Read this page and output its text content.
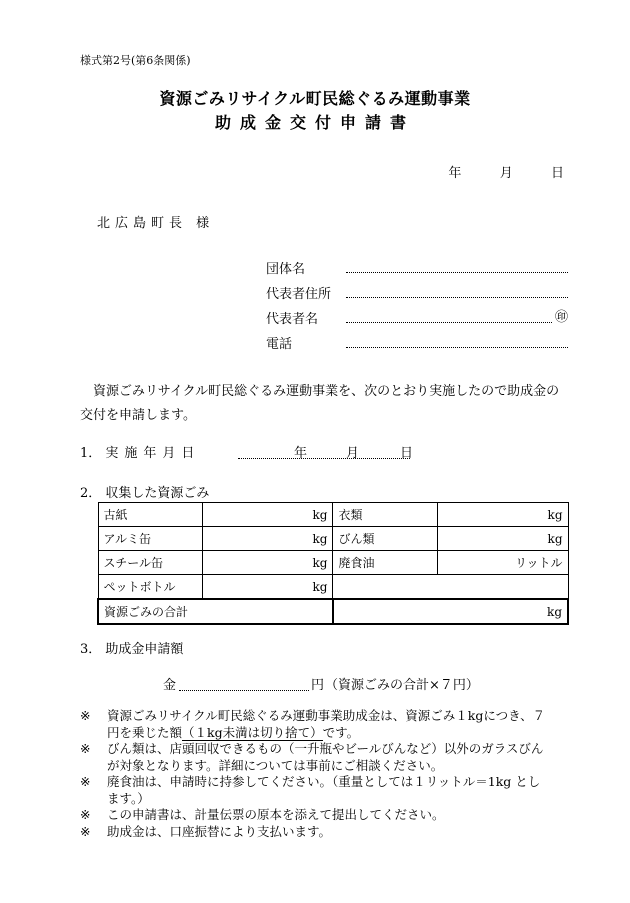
様式第2号(第6条関係)
資源ごみリサイクル町民総ぐるみ運動事業
助成金交付申請書
年	月	日
北広島町長 様
団体名
代表者住所
代表者名	㊞
電話

資源ごみリサイクル町民総ぐるみ運動事業を、次のとおり実施したので助成金の

交付を申請します。
1． 実施年月日	年	月	日
2． 収集した資源ごみ
古紙	kg	衣類	kg
アルミ缶	kg	びん類	kg
スチール缶	kg	廃食油	リットル
ペットボトル	kg		
資源ごみの合計		kg	
3． 助成金申請額
金	円 （資源ごみの合計×７円）
※ 資源ごみリサイクル町民総ぐるみ運動事業助成金は、資源ごみ１kgにつき、７
円を乗じた額（１kg未満は切り捨て）です。
※ びん類は、店頭回収できるもの（一升瓶やビールびんなど）以外のガラスびん
が対象となります。詳細については事前にご相談ください。
※ 廃食油は、申請時に持参してください。（重量としては１リットル＝1kg とし
ます。）
※ この申請書は、計量伝票の原本を添えて提出してください。
※ 助成金は、口座振替により支払います。
